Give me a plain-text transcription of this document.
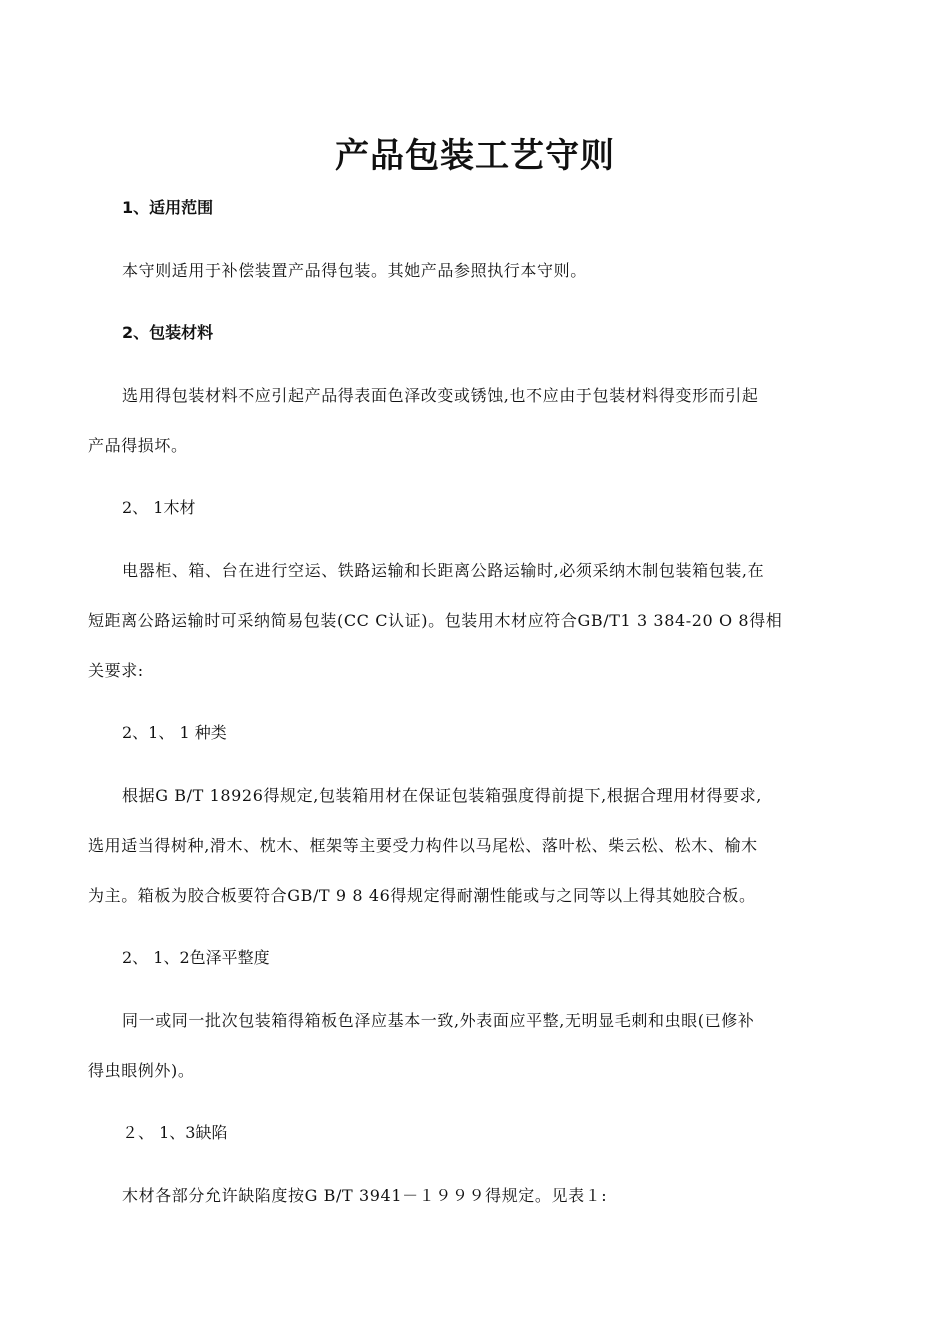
产品包装工艺守则
1、适用范围
本守则适用于补偿装置产品得包装。其她产品参照执行本守则。
2、包装材料
选用得包装材料不应引起产品得表面色泽改变或锈蚀,也不应由于包装材料得变形而引起
产品得损坏。
2、 1木材
电器柜、箱、台在进行空运、铁路运输和长距离公路运输时,必须采纳木制包装箱包装,在
短距离公路运输时可采纳简易包装(CC C认证)。包装用木材应符合GB/T1 3 384-20 O 8得相
关要求:
2、1、 1 种类
根据G B/T 18926得规定,包装箱用材在保证包装箱强度得前提下,根据合理用材得要求,
选用适当得树种,滑木、枕木、框架等主要受力构件以马尾松、落叶松、柴云松、松木、榆木
为主。箱板为胶合板要符合GB/T 9 8 46得规定得耐潮性能或与之同等以上得其她胶合板。
2、 1、2色泽平整度
同一或同一批次包装箱得箱板色泽应基本一致,外表面应平整,无明显毛刺和虫眼(已修补
得虫眼例外)。
２、 1、3缺陷
木材各部分允许缺陷度按G B/T 3941－１９９９得规定。见表１:
